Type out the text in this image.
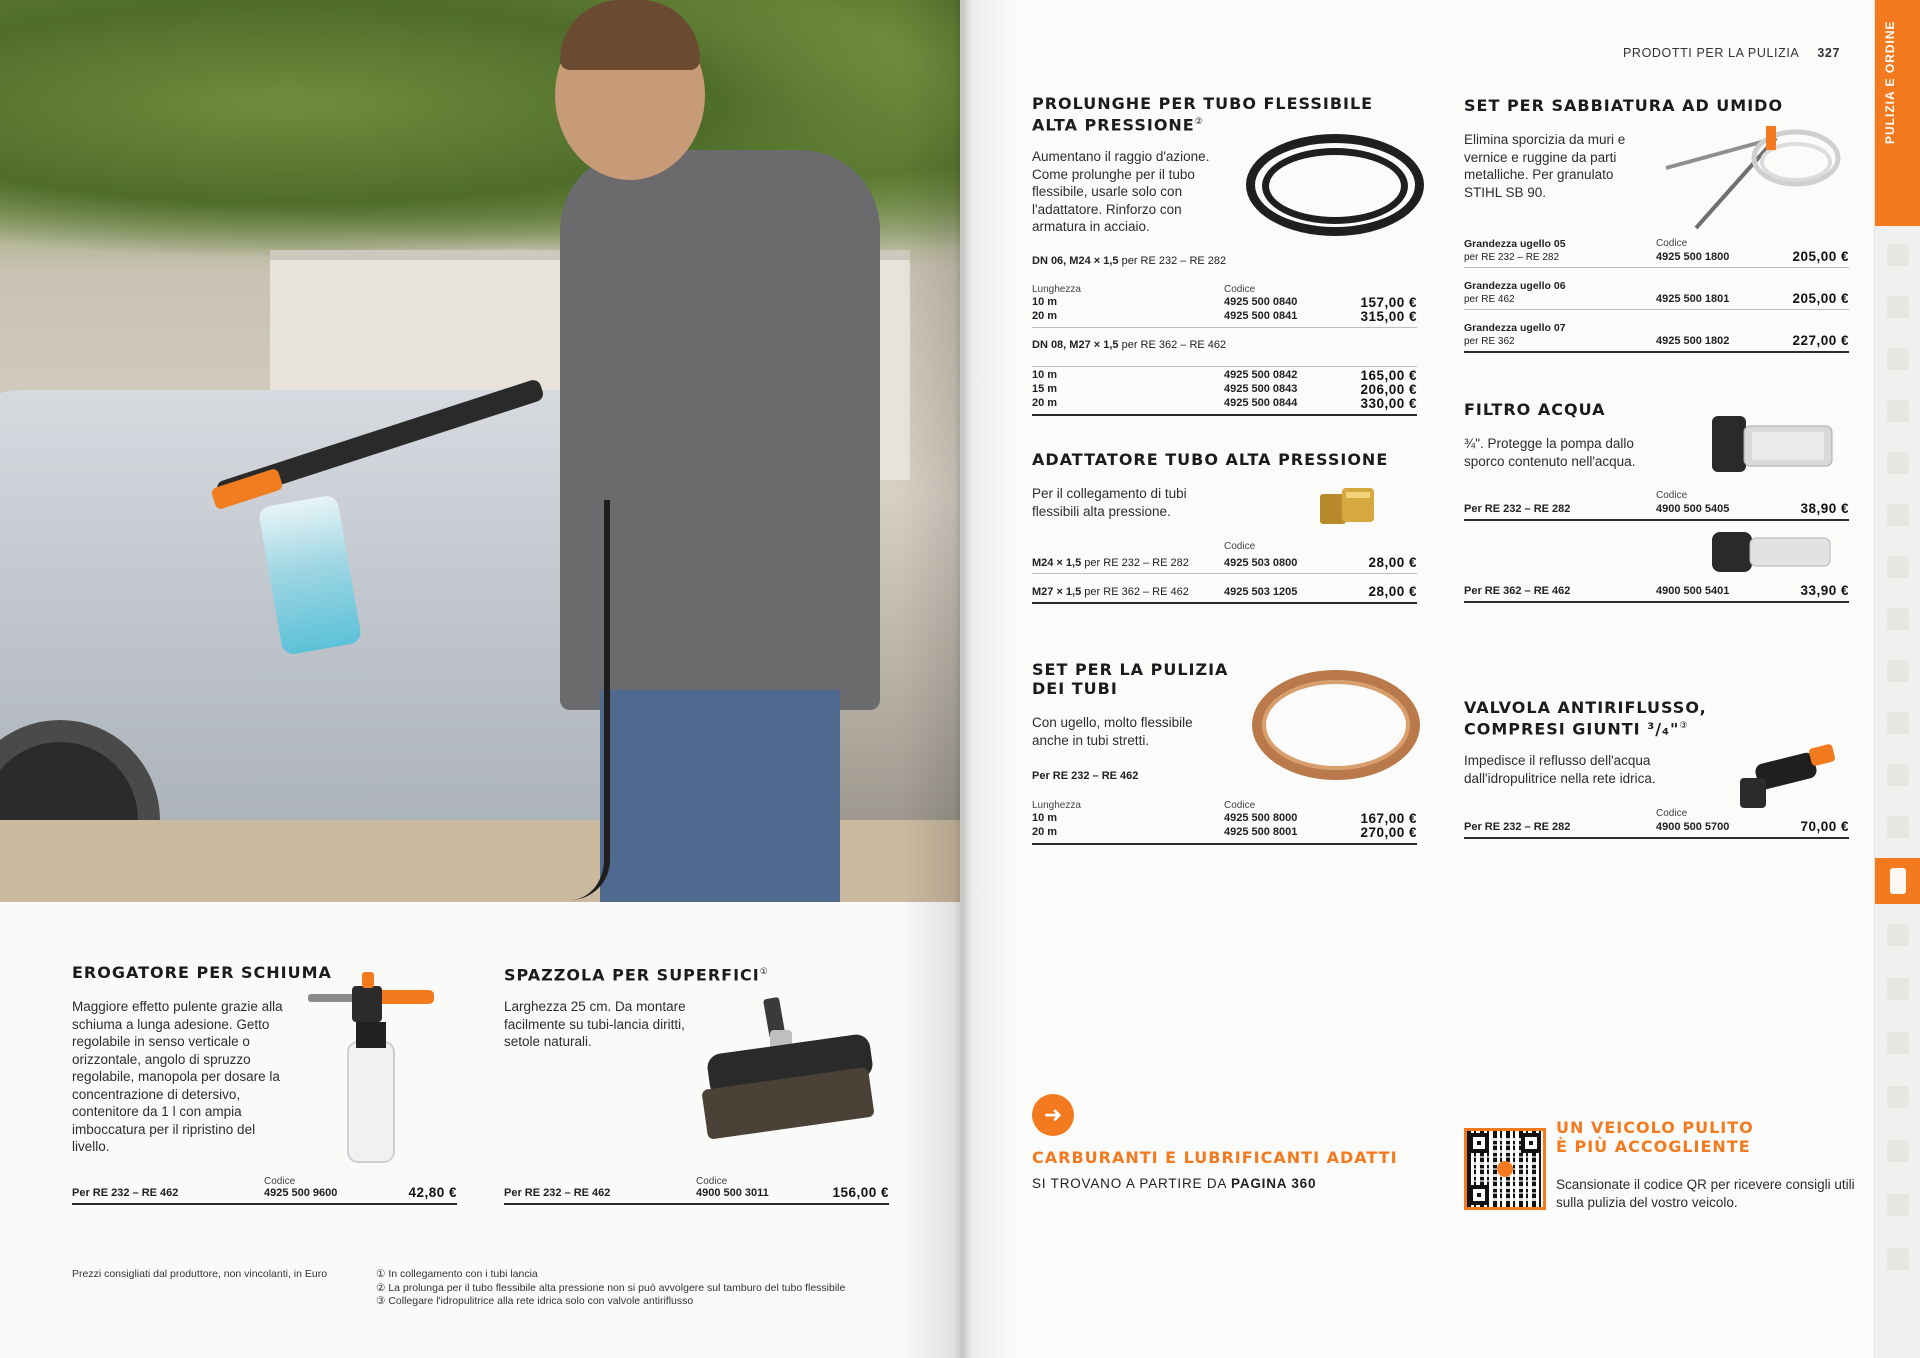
EROGATORE PER SCHIUMA
Maggiore effetto pulente grazie alla schiuma a lunga adesione. Getto regolabile in senso verticale o orizzontale, angolo di spruzzo regolabile, manopola per dosare la concentrazione di detersivo, contenitore da 1 l con ampia imboccatura per il ripristino del livello.
Codice
Per RE 232 – RE 462	4925 500 9600	42,80 €
SPAZZOLA PER SUPERFICI①
Larghezza 25 cm. Da montare facilmente su tubi-lancia diritti, setole naturali.
Codice
Per RE 232 – RE 462	4900 500 3011	156,00 €
Prezzi consigliati dal produttore, non vincolanti, in Euro	① In collegamento con i tubi lancia
② La prolunga per il tubo flessibile alta pressione non si può avvolgere sul tamburo del tubo flessibile
③ Collegare l'idropulitrice alla rete idrica solo con valvole antiriflusso
PRODOTTI PER LA PULIZIA 327
PROLUNGHE PER TUBO FLESSIBILE
ALTA PRESSIONE②
Aumentano il raggio d'azione. Come prolunghe per il tubo flessibile, usarle solo con l'adattatore. Rinforzo con armatura in acciaio.
DN 06, M24 × 1,5 per RE 232 – RE 282
Lunghezza	Codice
10 m	4925 500 0840	157,00 €
20 m	4925 500 0841	315,00 €
DN 08, M27 × 1,5 per RE 362 – RE 462
10 m	4925 500 0842	165,00 €
15 m	4925 500 0843	206,00 €
20 m	4925 500 0844	330,00 €
ADATTATORE TUBO ALTA PRESSIONE
Per il collegamento di tubi flessibili alta pressione.
Codice
M24 × 1,5 per RE 232 – RE 282	4925 503 0800	28,00 €
M27 × 1,5 per RE 362 – RE 462	4925 503 1205	28,00 €
SET PER LA PULIZIA
DEI TUBI
Con ugello, molto flessibile anche in tubi stretti.
Per RE 232 – RE 462
Lunghezza	Codice
10 m	4925 500 8000	167,00 €
20 m	4925 500 8001	270,00 €
SET PER SABBIATURA AD UMIDO
Elimina sporcizia da muri e vernice e ruggine da parti metalliche. Per granulato STIHL SB 90.
Codice
Grandezza ugello 05
per RE 232 – RE 282	4925 500 1800	205,00 €
Grandezza ugello 06
per RE 462	4925 500 1801	205,00 €
Grandezza ugello 07
per RE 362	4925 500 1802	227,00 €
FILTRO ACQUA
¾". Protegge la pompa dallo sporco contenuto nell'acqua.
Codice
Per RE 232 – RE 282	4900 500 5405	38,90 €
Per RE 362 – RE 462	4900 500 5401	33,90 €
VALVOLA ANTIRIFLUSSO,
COMPRESI GIUNTI ³/₄"③
Impedisce il reflusso dell'acqua dall'idropulitrice nella rete idrica.
Codice
Per RE 232 – RE 282	4900 500 5700	70,00 €
➜
CARBURANTI E LUBRIFICANTI ADATTI
SI TROVANO A PARTIRE DA PAGINA 360
UN VEICOLO PULITO
È PIÙ ACCOGLIENTE
Scansionate il codice QR per ricevere consigli utili sulla pulizia del vostro veicolo.
PULIZIA E ORDINE
